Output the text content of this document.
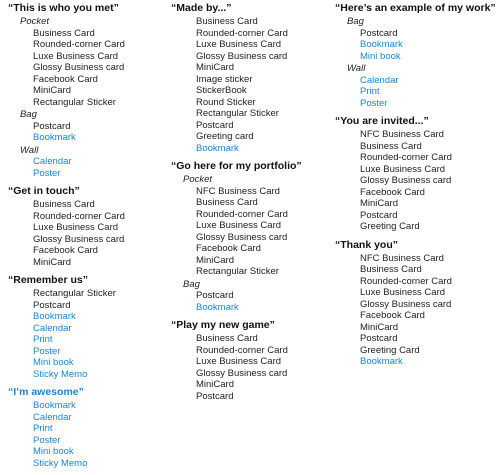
“This is who you met”
Pocket
Business Card
Rounded-corner Card
Luxe Business Card
Glossy Business card
Facebook Card
MiniCard
Rectangular Sticker
Bag
Postcard
Bookmark
Wall
Calendar
Poster
“Get in touch”
Business Card
Rounded-corner Card
Luxe Business Card
Glossy Business card
Facebook Card
MiniCard
“Remember us”
Rectangular Sticker
Postcard
Bookmark
Calendar
Print
Poster
Mini book
Sticky Memo
“I’m awesome”
Bookmark
Calendar
Print
Poster
Mini book
Sticky Memo
“Made by...”
Business Card
Rounded-corner Card
Luxe Business Card
Glossy Business card
MiniCard
Image sticker
StickerBook
Round Sticker
Rectangular Sticker
Postcard
Greeting card
Bookmark
“Go here for my portfolio”
Pocket
NFC Business Card
Business Card
Rounded-corner Card
Luxe Business Card
Glossy Business card
Facebook Card
MiniCard
Rectangular Sticker
Bag
Postcard
Bookmark
“Play my new game”
Business Card
Rounded-corner Card
Luxe Business Card
Glossy Business card
MiniCard
Postcard
“Here’s an example of my work”
Bag
Postcard
Bookmark
Mini book
Wall
Calendar
Print
Poster
“You are invited...”
NFC Business Card
Business Card
Rounded-corner Card
Luxe Business Card
Glossy Business card
Facebook Card
MiniCard
Postcard
Greeting Card
“Thank you”
NFC Business Card
Business Card
Rounded-corner Card
Luxe Business Card
Glossy Business card
Facebook Card
MiniCard
Postcard
Greeting Card
Bookmark
